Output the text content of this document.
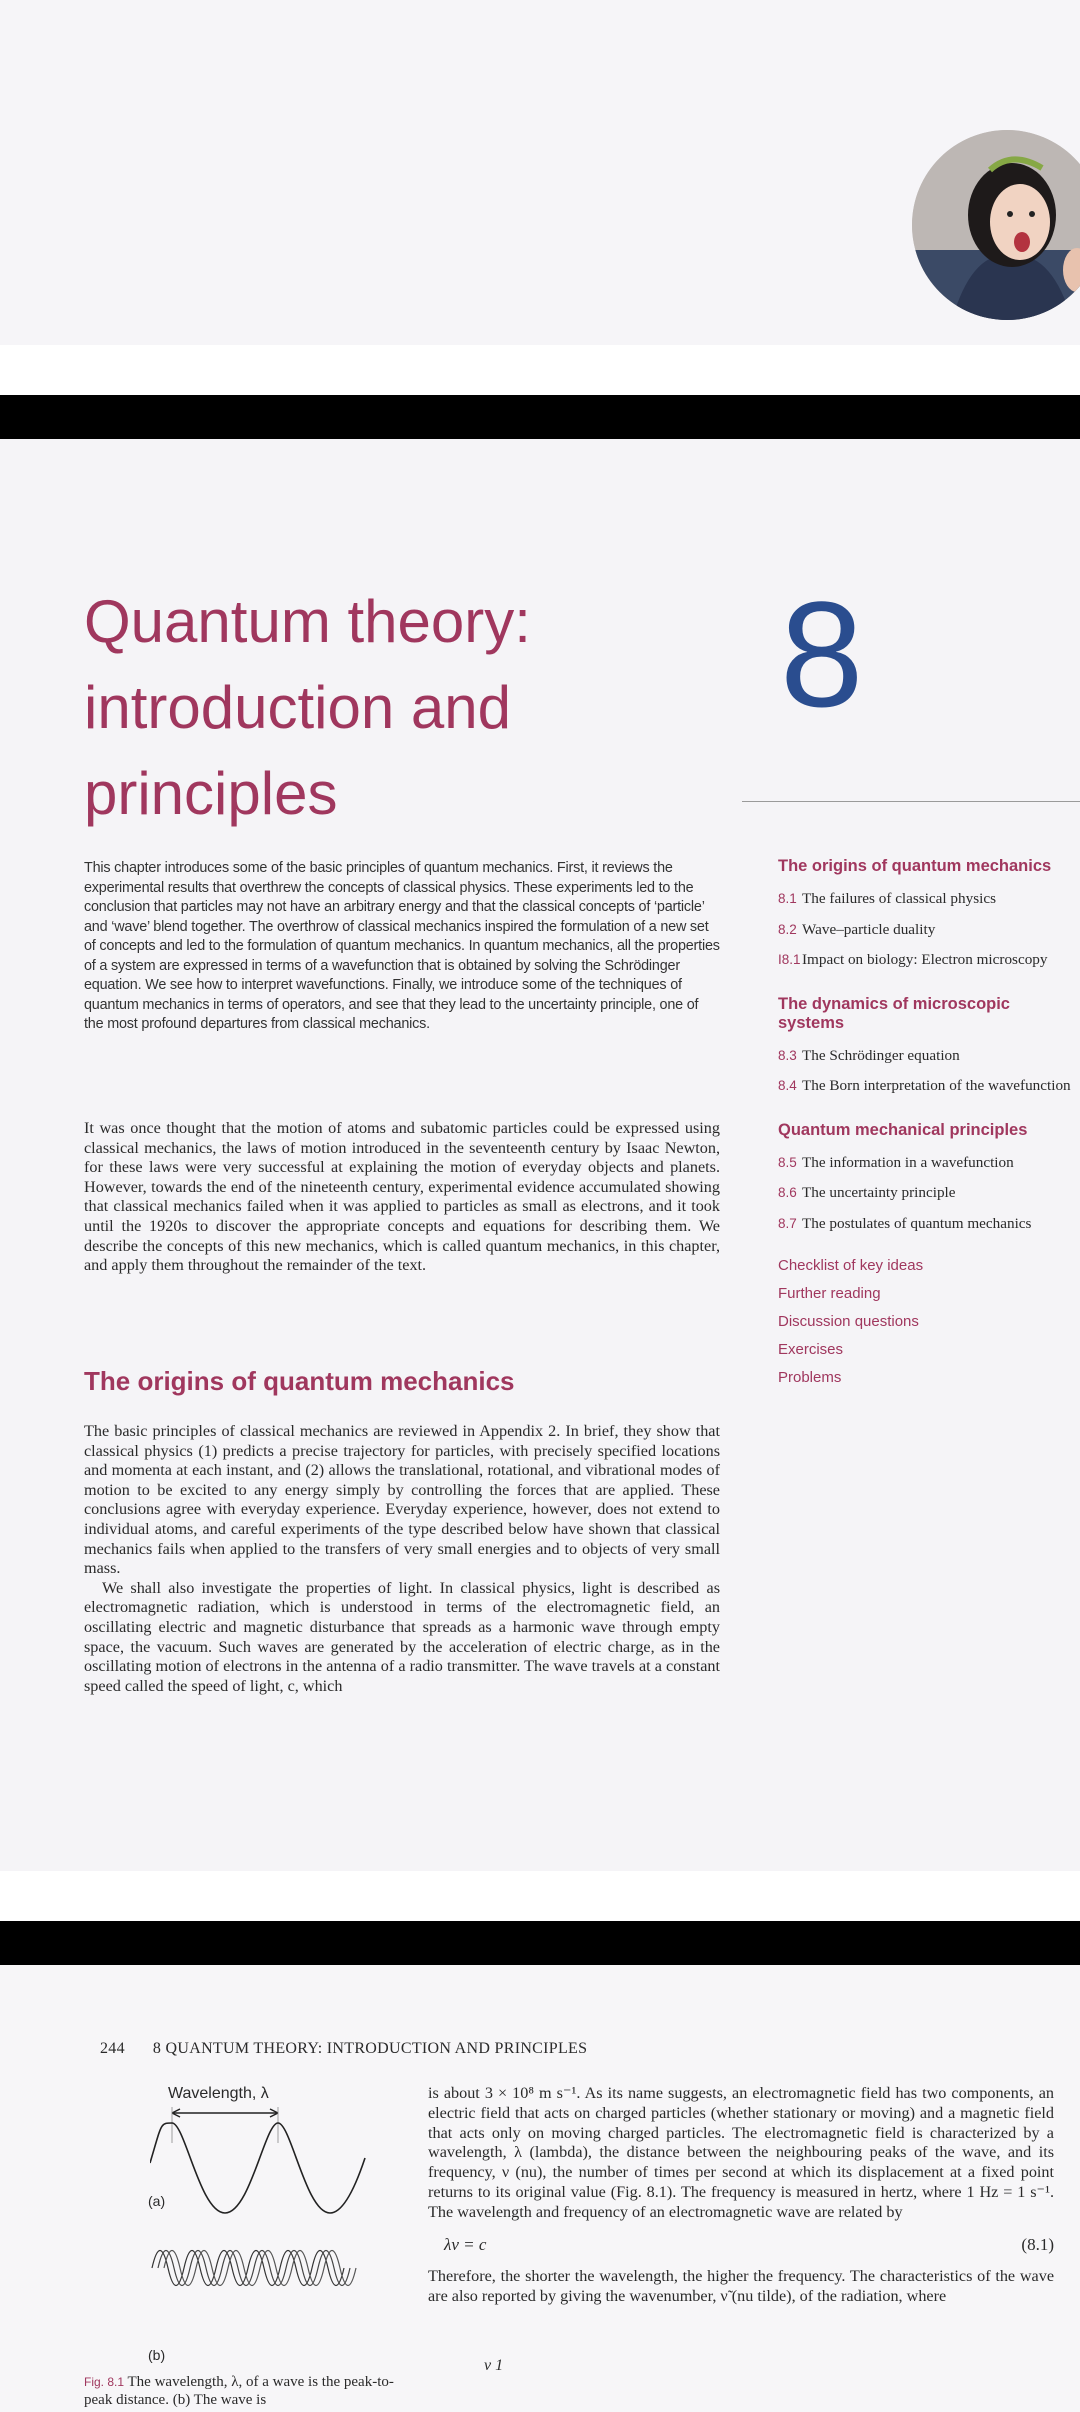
Quantum theory:
introduction and
principles
8
This chapter introduces some of the basic principles of quantum mechanics. First, it reviews the experimental results that overthrew the concepts of classical physics. These experiments led to the conclusion that particles may not have an arbitrary energy and that the classical concepts of ‘particle’ and ‘wave’ blend together. The overthrow of classical mechanics inspired the formulation of a new set of concepts and led to the formulation of quantum mechanics. In quantum mechanics, all the properties of a system are expressed in terms of a wavefunction that is obtained by solving the Schrödinger equation. We see how to interpret wavefunctions. Finally, we introduce some of the techniques of quantum mechanics in terms of operators, and see that they lead to the uncertainty principle, one of the most profound departures from classical mechanics.
It was once thought that the motion of atoms and subatomic particles could be expressed using classical mechanics, the laws of motion introduced in the seventeenth century by Isaac Newton, for these laws were very successful at explaining the motion of everyday objects and planets. However, towards the end of the nineteenth century, experimental evidence accumulated showing that classical mechanics failed when it was applied to particles as small as electrons, and it took until the 1920s to discover the appropriate concepts and equations for describing them. We describe the concepts of this new mechanics, which is called quantum mechanics, in this chapter, and apply them throughout the remainder of the text.
The origins of quantum mechanics

The basic principles of classical mechanics are reviewed in Appendix 2. In brief, they show that classical physics (1) predicts a precise trajectory for particles, with precisely specified locations and momenta at each instant, and (2) allows the translational, rotational, and vibrational modes of motion to be excited to any energy simply by controlling the forces that are applied. These conclusions agree with everyday experience. Everyday experience, however, does not extend to individual atoms, and careful experiments of the type described below have shown that classical mechanics fails when applied to the transfers of very small energies and to objects of very small mass.

We shall also investigate the properties of light. In classical physics, light is described as electromagnetic radiation, which is understood in terms of the electromagnetic field, an oscillating electric and magnetic disturbance that spreads as a harmonic wave through empty space, the vacuum. Such waves are generated by the acceleration of electric charge, as in the oscillating motion of electrons in the antenna of a radio transmitter. The wave travels at a constant speed called the speed of light, c, which

The origins of quantum mechanics
8.1 The failures of classical physics
8.2 Wave–particle duality
I8.1Impact on biology: Electron microscopy
The dynamics of microscopic systems
8.3 The Schrödinger equation
8.4 The Born interpretation of the wavefunction
Quantum mechanical principles
8.5 The information in a wavefunction
8.6 The uncertainty principle
8.7 The postulates of quantum mechanics
Checklist of key ideas
Further reading
Discussion questions
Exercises
Problems
244 8 QUANTUM THEORY: INTRODUCTION AND PRINCIPLES
Wavelength, λ
(a)
(b)
Fig. 8.1 The wavelength, λ, of a wave is the peak-to-peak distance. (b) The wave is
is about 3 × 10⁸ m s⁻¹. As its name suggests, an electromagnetic field has two components, an electric field that acts on charged particles (whether stationary or moving) and a magnetic field that acts only on moving charged particles. The electromagnetic field is characterized by a wavelength, λ (lambda), the distance between the neighbouring peaks of the wave, and its frequency, ν (nu), the number of times per second at which its displacement at a fixed point returns to its original value (Fig. 8.1). The frequency is measured in hertz, where 1 Hz = 1 s⁻¹. The wavelength and frequency of an electromagnetic wave are related by
λν = c	(8.1)
Therefore, the shorter the wavelength, the higher the frequency. The characteristics of the wave are also reported by giving the wavenumber, ν̃ (nu tilde), of the radiation, where
ν 1
